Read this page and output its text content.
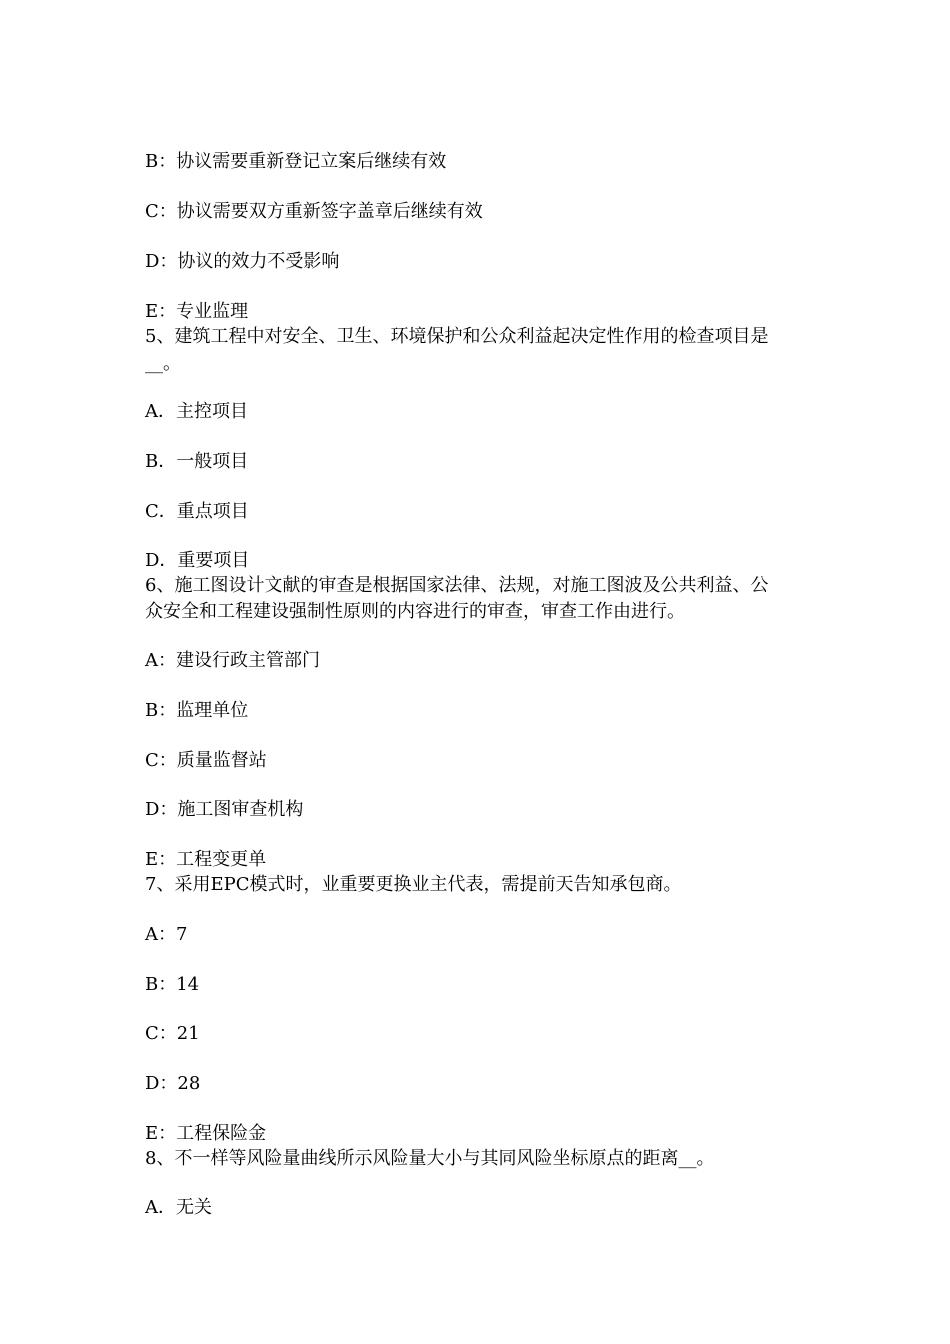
B：协议需要重新登记立案后继续有效
C：协议需要双方重新签字盖章后继续有效
D：协议的效力不受影响
E：专业监理
5、建筑工程中对安全、卫生、环境保护和公众利益起决定性作用的检查项目是
__。
A．主控项目
B．一般项目
C．重点项目
D．重要项目
6、施工图设计文献的审查是根据国家法律、法规，对施工图波及公共利益、公
众安全和工程建设强制性原则的内容进行的审查，审查工作由进行。
A：建设行政主管部门
B：监理单位
C：质量监督站
D：施工图审查机构
E：工程变更单
7、采用EPC模式时，业重要更换业主代表，需提前天告知承包商。
A：7
B：14
C：21
D：28
E：工程保险金
8、不一样等风险量曲线所示风险量大小与其同风险坐标原点的距离__。
A．无关
